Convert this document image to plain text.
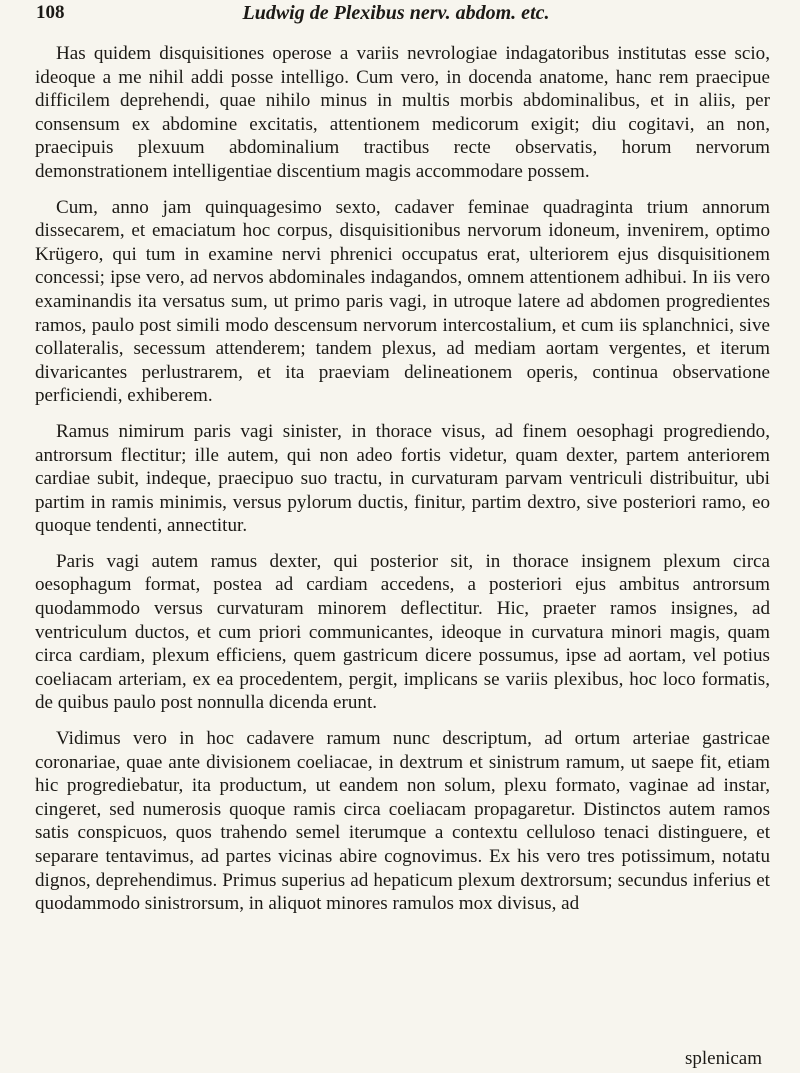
108	Ludwig de Plexibus nerv. abdom. etc.

Has quidem disquisitiones operose a variis nevrologiae indagatoribus institutas esse scio, ideoque a me nihil addi posse intelligo. Cum vero, in docenda anatome, hanc rem praecipue difficilem deprehendi, quae nihilo minus in multis morbis abdominalibus, et in aliis, per consensum ex abdomine excitatis, attentionem medicorum exigit; diu cogitavi, an non, praecipuis plexuum abdominalium tractibus recte observatis, horum nervorum demonstrationem intelligentiae discentium magis accommodare possem.

Cum, anno jam quinquagesimo sexto, cadaver feminae quadraginta trium annorum dissecarem, et emaciatum hoc corpus, disquisitionibus nervorum idoneum, invenirem, optimo Krügero, qui tum in examine nervi phrenici occupatus erat, ulteriorem ejus disquisitionem concessi; ipse vero, ad nervos abdominales indagandos, omnem attentionem adhibui. In iis vero examinandis ita versatus sum, ut primo paris vagi, in utroque latere ad abdomen progredientes ramos, paulo post simili modo descensum nervorum intercostalium, et cum iis splanchnici, sive collateralis, secessum attenderem; tandem plexus, ad mediam aortam vergentes, et iterum divaricantes perlustrarem, et ita praeviam delineationem operis, continua observatione perficiendi, exhiberem.

Ramus nimirum paris vagi sinister, in thorace visus, ad finem oesophagi progrediendo, antrorsum flectitur; ille autem, qui non adeo fortis videtur, quam dexter, partem anteriorem cardiae subit, indeque, praecipuo suo tractu, in curvaturam parvam ventriculi distribuitur, ubi partim in ramis minimis, versus pylorum ductis, finitur, partim dextro, sive posteriori ramo, eo quoque tendenti, annectitur.

Paris vagi autem ramus dexter, qui posterior sit, in thorace insignem plexum circa oesophagum format, postea ad cardiam accedens, a posteriori ejus ambitus antrorsum quodammodo versus curvaturam minorem deflectitur. Hic, praeter ramos insignes, ad ventriculum ductos, et cum priori communicantes, ideoque in curvatura minori magis, quam circa cardiam, plexum efficiens, quem gastricum dicere possumus, ipse ad aortam, vel potius coeliacam arteriam, ex ea procedentem, pergit, implicans se variis plexibus, hoc loco formatis, de quibus paulo post nonnulla dicenda erunt.

Vidimus vero in hoc cadavere ramum nunc descriptum, ad ortum arteriae gastricae coronariae, quae ante divisionem coeliacae, in dextrum et sinistrum ramum, ut saepe fit, etiam hic progrediebatur, ita productum, ut eandem non solum, plexu formato, vaginae ad instar, cingeret, sed numerosis quoque ramis circa coeliacam propagaretur. Distinctos autem ramos satis conspicuos, quos trahendo semel iterumque a contextu celluloso tenaci distinguere, et separare tentavimus, ad partes vicinas abire cognovimus. Ex his vero tres potissimum, notatu dignos, deprehendimus. Primus superius ad hepaticum plexum dextrorsum; secundus inferius et quodammodo sinistrorsum, in aliquot minores ramulos mox divisus, ad

splenicam
